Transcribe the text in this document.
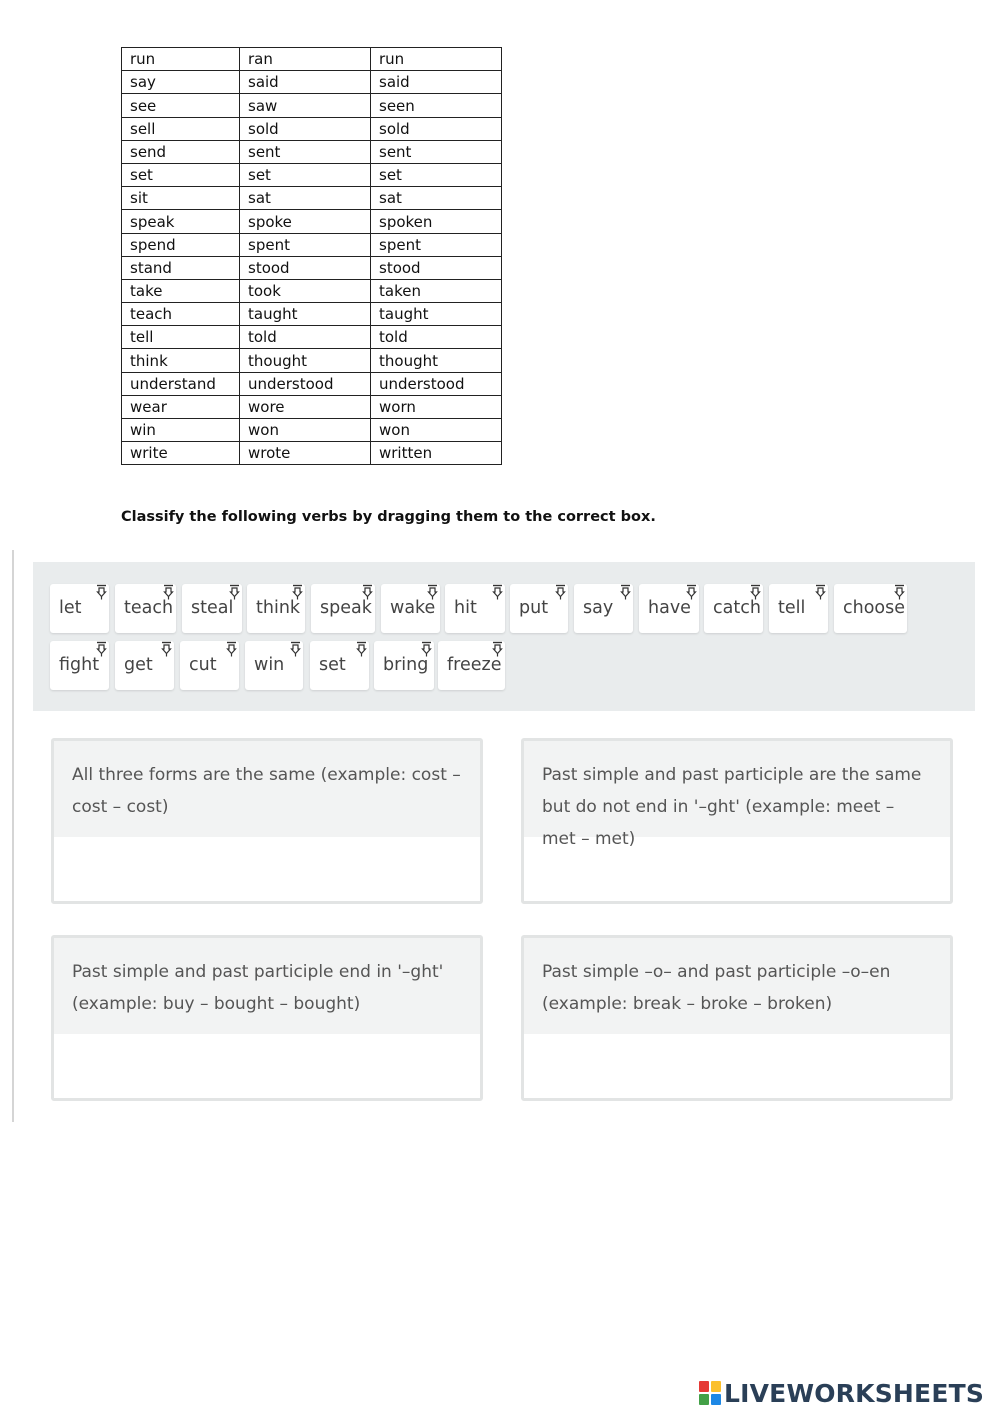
run	ran	run
say	said	said
see	saw	seen
sell	sold	sold
send	sent	sent
set	set	set
sit	sat	sat
speak	spoke	spoken
spend	spent	spent
stand	stood	stood
take	took	taken
teach	taught	taught
tell	told	told
think	thought	thought
understand	understood	understood
wear	wore	worn
win	won	won
write	wrote	written
Classify the following verbs by dragging them to the correct box.
let	teach	steal	think	speak	wake	hit	put	say	have	catch tell	choose
fight	get	cut	win	set	bring	freeze
All three forms are the same (example: cost – cost – cost)
Past simple and past participle are the same but do not end in '–ght' (example: meet – met – met)
Past simple and past participle end in '–ght' (example: buy – bought – bought)
Past simple –o– and past participle –o–en (example: break – broke – broken)
LIVEWORKSHEETS
